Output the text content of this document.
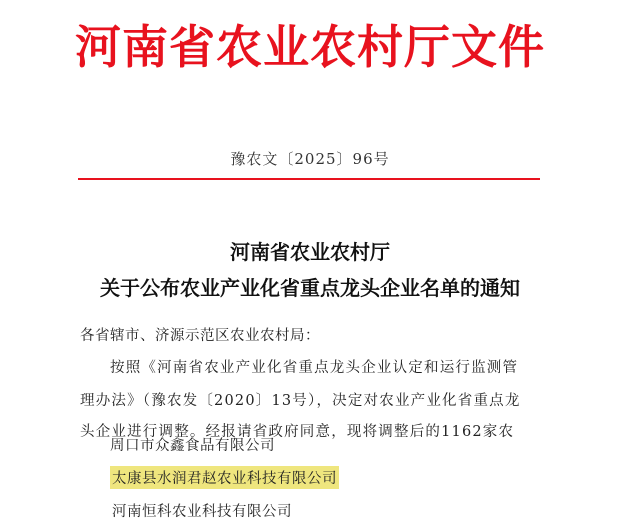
河南省农业农村厅文件
豫农文〔2025〕96号
河南省农业农村厅
关于公布农业产业化省重点龙头企业名单的通知
各省辖市、济源示范区农业农村局：
按照《河南省农业产业化省重点龙头企业认定和运行监测管
理办法》（豫农发〔2020〕13号），决定对农业产业化省重点龙
头企业进行调整。经报请省政府同意，现将调整后的1162家农
周口市众鑫食品有限公司
太康县水润君赵农业科技有限公司
河南恒科农业科技有限公司
